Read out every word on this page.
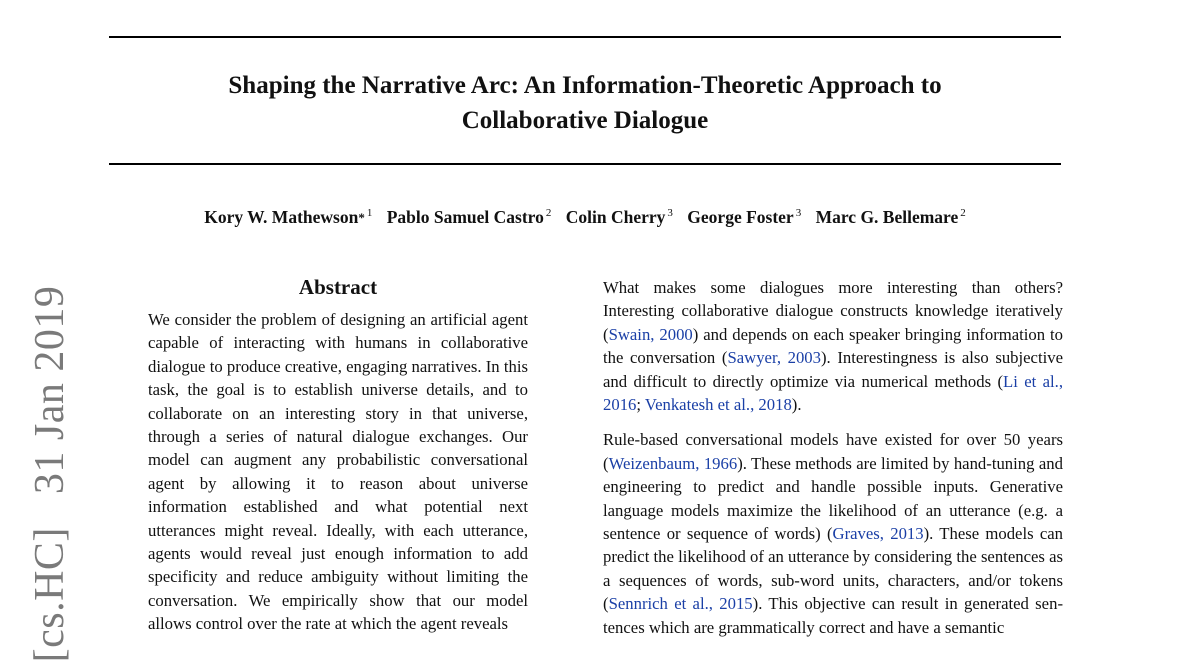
Shaping the Narrative Arc: An Information-Theoretic Approach to
Collaborative Dialogue
Kory W. Mathewson* $^1$ Pablo Samuel Castro $^2$ Colin Cherry $^3$ George Foster $^3$ Marc G. Bellemare $^2$
[cs.HC]   31 Jan 2019	Abstract

We consider the problem of designing an artificial agent capable of interacting with humans in collaborative dialogue to produce creative, engaging narratives. In this task, the goal is to establish universe details, and to collaborate on an interesting story in that universe, through a series of natural dialogue exchanges. Our model can augment any probabilistic conversational agent by allowing it to reason about universe information established and what potential next utterances might reveal. Ideally, with each utterance, agents would reveal just enough information to add specificity and reduce ambiguity without limiting the conversation. We empirically show that our model allows control over the rate at which the agent reveals

What makes some dialogues more interesting than others? Interesting collaborative dialogue constructs knowledge iteratively (Swain, 2000) and depends on each speaker bringing information to the conversation (Sawyer, 2003). Interestingness is also subjective and difficult to directly optimize via numerical methods (Li et al., 2016; Venkatesh et al., 2018).

Rule-based conversational models have existed for over 50 years (Weizenbaum, 1966). These methods are limited by hand-tuning and engineering to predict and handle possible inputs. Generative language models maximize the likelihood of an utterance (e.g. a sentence or sequence of words) (Graves, 2013). These models can predict the likelihood of an utterance by considering the sentences as a sequences of words, sub-word units, characters, and/or tokens (Sennrich et al., 2015). This objective can result in generated sentences which are grammatically correct and have a semantic
